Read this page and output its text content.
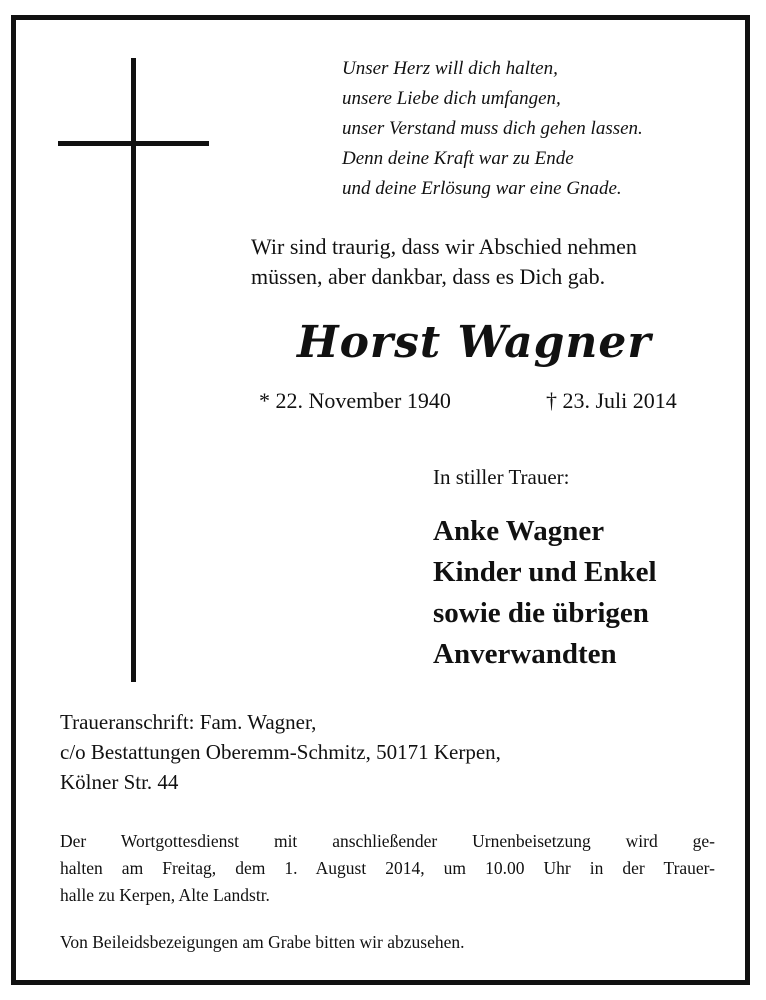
Unser Herz will dich halten,
unsere Liebe dich umfangen,
unser Verstand muss dich gehen lassen.
Denn deine Kraft war zu Ende
und deine Erlösung war eine Gnade.
Wir sind traurig, dass wir Abschied nehmen
müssen, aber dankbar, dass es Dich gab.
Horst Wagner
* 22. November 1940	† 23. Juli 2014
In stiller Trauer:
Anke Wagner
Kinder und Enkel
sowie die übrigen
Anverwandten
Traueranschrift: Fam. Wagner,
c/o Bestattungen Oberemm-Schmitz, 50171 Kerpen,
Kölner Str. 44
Der Wortgottesdienst mit anschließender Urnenbeisetzung wird ge-
halten am Freitag, dem 1. August 2014, um 10.00 Uhr in der Trauer-
halle zu Kerpen, Alte Landstr.
Von Beileidsbezeigungen am Grabe bitten wir abzusehen.
